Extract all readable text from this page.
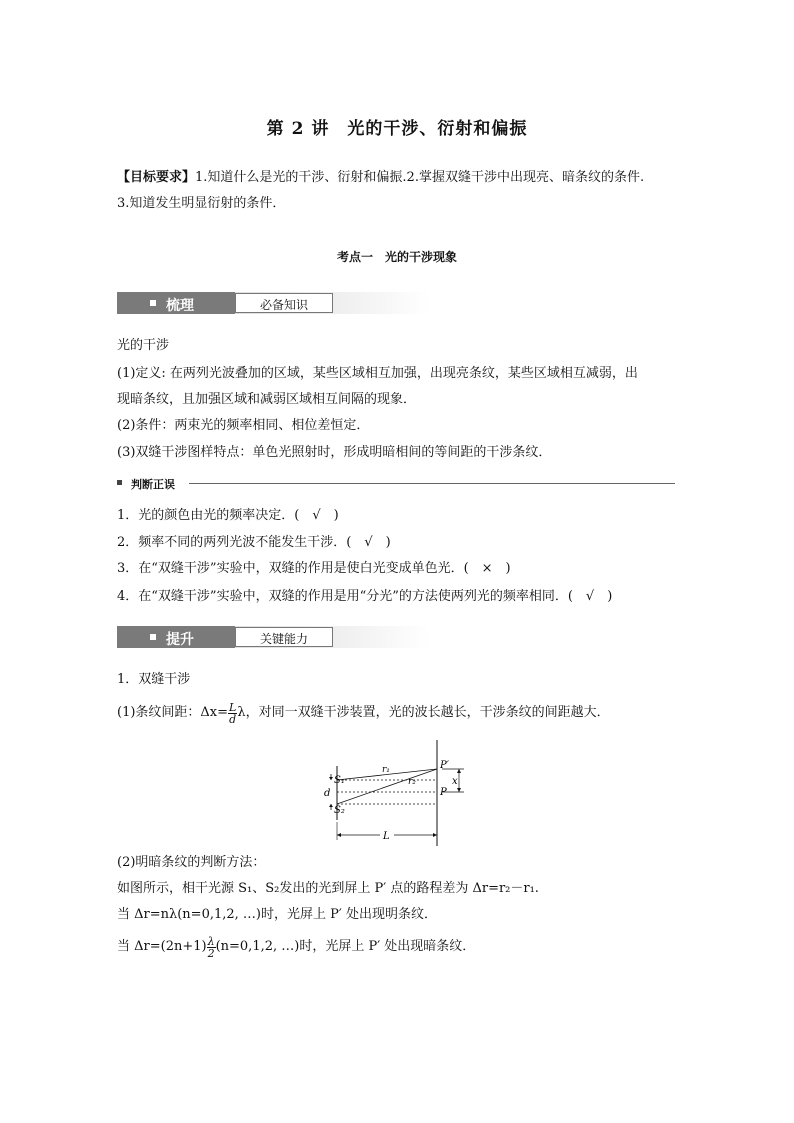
第 2 讲　光的干涉、衍射和偏振
【目标要求】1.知道什么是光的干涉、衍射和偏振.2.掌握双缝干涉中出现亮、暗条纹的条件.
3.知道发生明显衍射的条件．
考点一　光的干涉现象
梳理	必备知识
光的干涉
(1)定义: 在两列光波叠加的区域，某些区域相互加强，出现亮条纹，某些区域相互减弱，出
现暗条纹，且加强区域和减弱区域相互间隔的现象．
(2)条件：两束光的频率相同、相位差恒定．
(3)双缝干涉图样特点：单色光照射时，形成明暗相间的等间距的干涉条纹．
判断正误
1．光的颜色由光的频率决定．(　√　)
2．频率不同的两列光波不能发生干涉．(　√　)
3．在“双缝干涉”实验中，双缝的作用是使白光变成单色光．(　×　)
4．在“双缝干涉”实验中，双缝的作用是用“分光”的方法使两列光的频率相同．(　√　)
提升	关键能力
1．双缝干涉
(1)条纹间距：$\Delta x= \frac{L}{d}$ λ ，对同一双缝干涉装置，光的波长越长，干涉条纹的间距越大．
S₁
S₂
d
r₁
r₂
P′
P
x
L
(2)明暗条纹的判断方法：
如图所示，相干光源 S₁、S₂发出的光到屏上 P′ 点的路程差为 Δr=r₂－r₁.
当 Δr=nλ(n=0,1,2, …)时，光屏上 P′ 处出现明条纹．
当 $\Delta r=(2n+1) \frac{\lambda}{2} (n=0,1,2$, …)时，光屏上 P′ 处出现暗条纹．
